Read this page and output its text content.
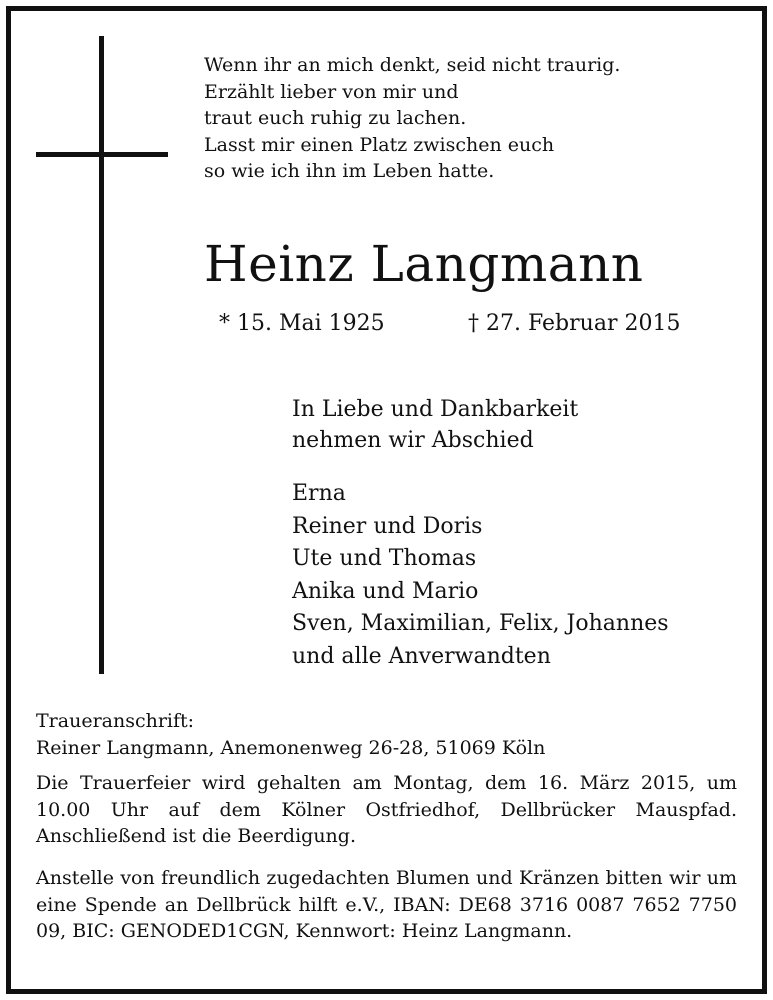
Wenn ihr an mich denkt, seid nicht traurig.
Erzählt lieber von mir und
traut euch ruhig zu lachen.
Lasst mir einen Platz zwischen euch
so wie ich ihn im Leben hatte.
Heinz Langmann
* 15. Mai 1925	† 27. Februar 2015
In Liebe und Dankbarkeit
nehmen wir Abschied
Erna
Reiner und Doris
Ute und Thomas
Anika und Mario
Sven, Maximilian, Felix, Johannes
und alle Anverwandten
Traueranschrift:
Reiner Langmann, Anemonenweg 26-28, 51069 Köln

Die Trauerfeier wird gehalten am Montag, dem 16. März 2015, um 10.00 Uhr auf dem Kölner Ostfriedhof, Dellbrücker Mauspfad. Anschließend ist die Beerdigung.

Anstelle von freundlich zugedachten Blumen und Kränzen bitten wir um eine Spende an Dellbrück hilft e.V., IBAN: DE68 3716 0087 7652 7750 09, BIC: GENODED1CGN, Kennwort: Heinz Langmann.
